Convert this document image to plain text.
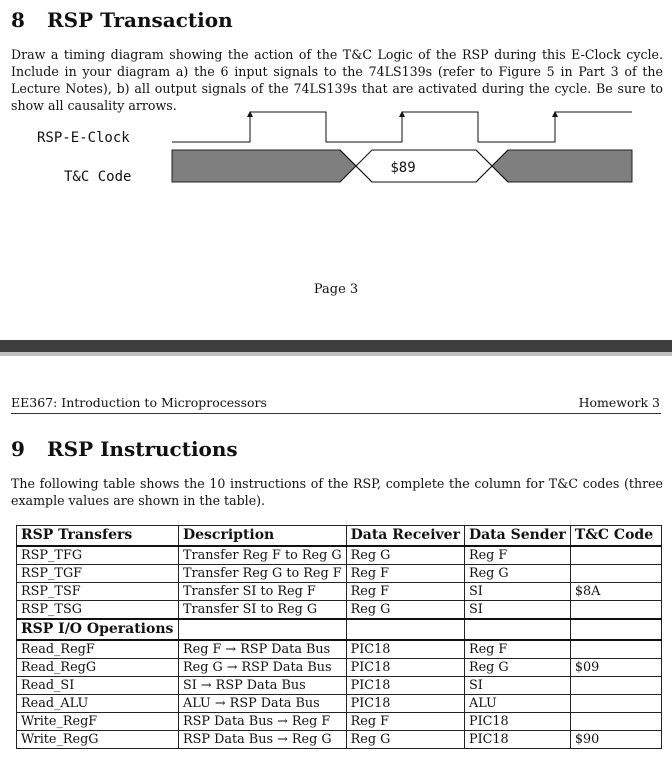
8 RSP Transaction

Draw a timing diagram showing the action of the T&C Logic of the RSP during this E-Clock cycle. Include in your diagram a) the 6 input signals to the 74LS139s (refer to Figure 5 in Part 3 of the Lecture Notes), b) all output signals of the 74LS139s that are activated during the cycle. Be sure to show all causality arrows.

RSP-E-Clock
T&C Code
$89
Page 3
EE367: Introduction to Microprocessors	Homework 3
9 RSP Instructions

The following table shows the 10 instructions of the RSP, complete the column for T&C codes (three example values are shown in the table).

RSP Transfers	Description	Data Receiver	Data Sender	T&C Code
RSP_TFG	Transfer Reg F to Reg G	Reg G	Reg F	
RSP_TGF	Transfer Reg G to Reg F	Reg F	Reg G	
RSP_TSF	Transfer SI to Reg F	Reg F	SI	$8A
RSP_TSG	Transfer SI to Reg G	Reg G	SI	
RSP I/O Operations				
Read_RegF	Reg F → RSP Data Bus	PIC18	Reg F	
Read_RegG	Reg G → RSP Data Bus	PIC18	Reg G	$09
Read_SI	SI → RSP Data Bus	PIC18	SI	
Read_ALU	ALU → RSP Data Bus	PIC18	ALU	
Write_RegF	RSP Data Bus → Reg F	Reg F	PIC18	
Write_RegG	RSP Data Bus → Reg G	Reg G	PIC18	$90
